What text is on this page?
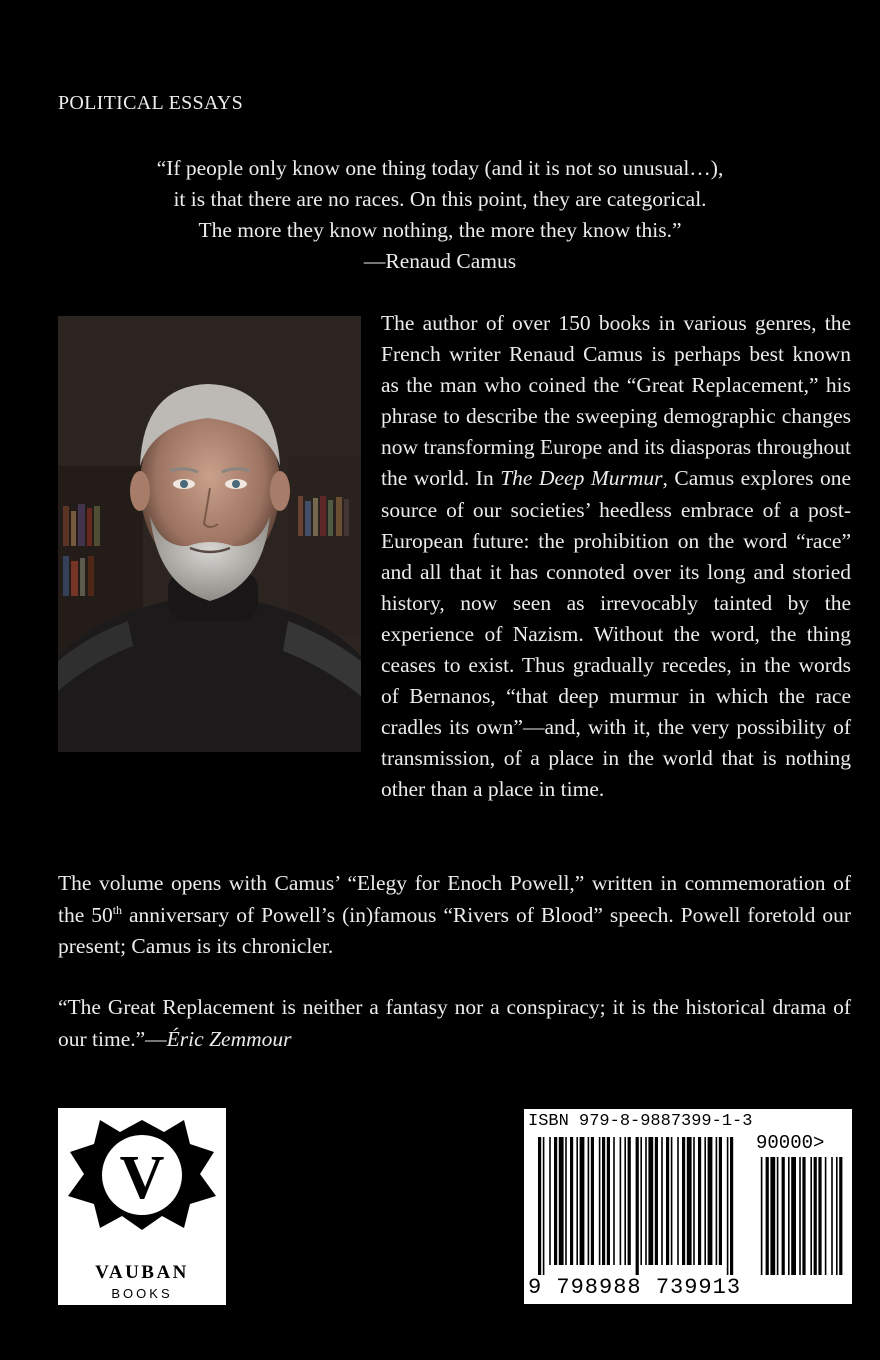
POLITICAL ESSAYS
“If people only know one thing today (and it is not so unusual…),
it is that there are no races. On this point, they are categorical.
The more they know nothing, the more they know this.”
—Renaud Camus
The author of over 150 books in various genres, the French writer Renaud Camus is perhaps best known as the man who coined the “Great Replacement,” his phrase to describe the sweeping demographic changes now transforming Europe and its diasporas throughout the world. In The Deep Murmur, Camus explores one source of our societies’ heedless embrace of a post-European future: the prohibition on the word “race” and all that it has connoted over its long and storied history, now seen as irrevocably tainted by the experience of Nazism. Without the word, the thing ceases to exist. Thus gradually recedes, in the words of Bernanos, “that deep murmur in which the race cradles its own”—and, with it, the very possibility of transmission, of a place in the world that is nothing other than a place in time.
The volume opens with Camus’ “Elegy for Enoch Powell,” written in commemoration of the 50th anniversary of Powell’s (in)famous “Rivers of Blood” speech. Powell foretold our present; Camus is its chronicler.
“The Great Replacement is neither a fantasy nor a conspiracy; it is the historical drama of our time.”—Éric Zemmour
V
VAUBAN
BOOKS
ISBN 979-8-9887399-1-3
90000>
9 798988 739913
